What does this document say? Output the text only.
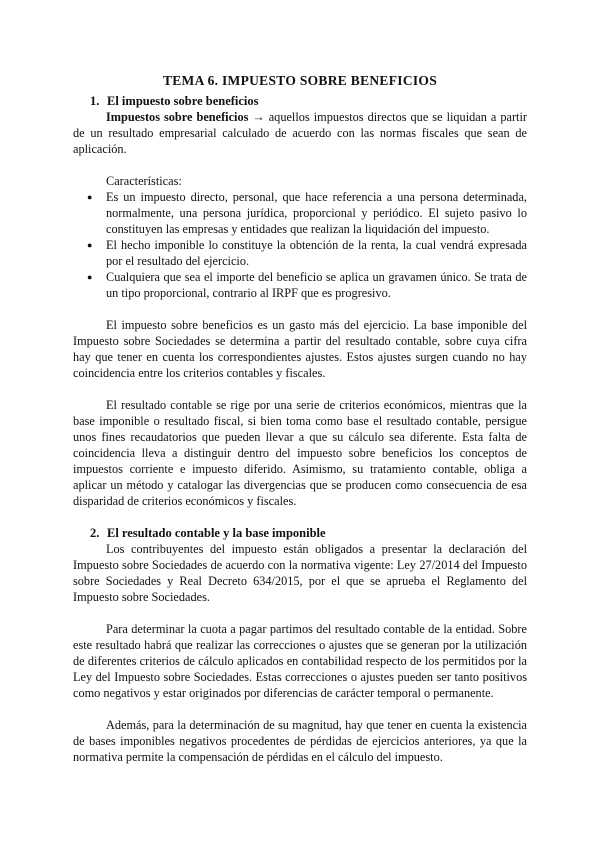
TEMA 6. IMPUESTO SOBRE BENEFICIOS
1. El impuesto sobre beneficios

Impuestos sobre beneficios → aquellos impuestos directos que se liquidan a partir de un resultado empresarial calculado de acuerdo con las normas fiscales que sean de aplicación.

Características:

● Es un impuesto directo, personal, que hace referencia a una persona determinada, normalmente, una persona jurídica, proporcional y periódico. El sujeto pasivo lo constituyen las empresas y entidades que realizan la liquidación del impuesto.
● El hecho imponible lo constituye la obtención de la renta, la cual vendrá expresada por el resultado del ejercicio.
● Cualquiera que sea el importe del beneficio se aplica un gravamen único. Se trata de un tipo proporcional, contrario al IRPF que es progresivo.

El impuesto sobre beneficios es un gasto más del ejercicio. La base imponible del Impuesto sobre Sociedades se determina a partir del resultado contable, sobre cuya cifra hay que tener en cuenta los correspondientes ajustes. Estos ajustes surgen cuando no hay coincidencia entre los criterios contables y fiscales.

El resultado contable se rige por una serie de criterios económicos, mientras que la base imponible o resultado fiscal, si bien toma como base el resultado contable, persigue unos fines recaudatorios que pueden llevar a que su cálculo sea diferente. Esta falta de coincidencia lleva a distinguir dentro del impuesto sobre beneficios los conceptos de impuestos corriente e impuesto diferido. Asimismo, su tratamiento contable, obliga a aplicar un método y catalogar las divergencias que se producen como consecuencia de esa disparidad de criterios económicos y fiscales.

2. El resultado contable y la base imponible

Los contribuyentes del impuesto están obligados a presentar la declaración del Impuesto sobre Sociedades de acuerdo con la normativa vigente: Ley 27/2014 del Impuesto sobre Sociedades y Real Decreto 634/2015, por el que se aprueba el Reglamento del Impuesto sobre Sociedades.

Para determinar la cuota a pagar partimos del resultado contable de la entidad. Sobre este resultado habrá que realizar las correcciones o ajustes que se generan por la utilización de diferentes criterios de cálculo aplicados en contabilidad respecto de los permitidos por la Ley del Impuesto sobre Sociedades. Estas correcciones o ajustes pueden ser tanto positivos como negativos y estar originados por diferencias de carácter temporal o permanente.

Además, para la determinación de su magnitud, hay que tener en cuenta la existencia de bases imponibles negativos procedentes de pérdidas de ejercicios anteriores, ya que la normativa permite la compensación de pérdidas en el cálculo del impuesto.
